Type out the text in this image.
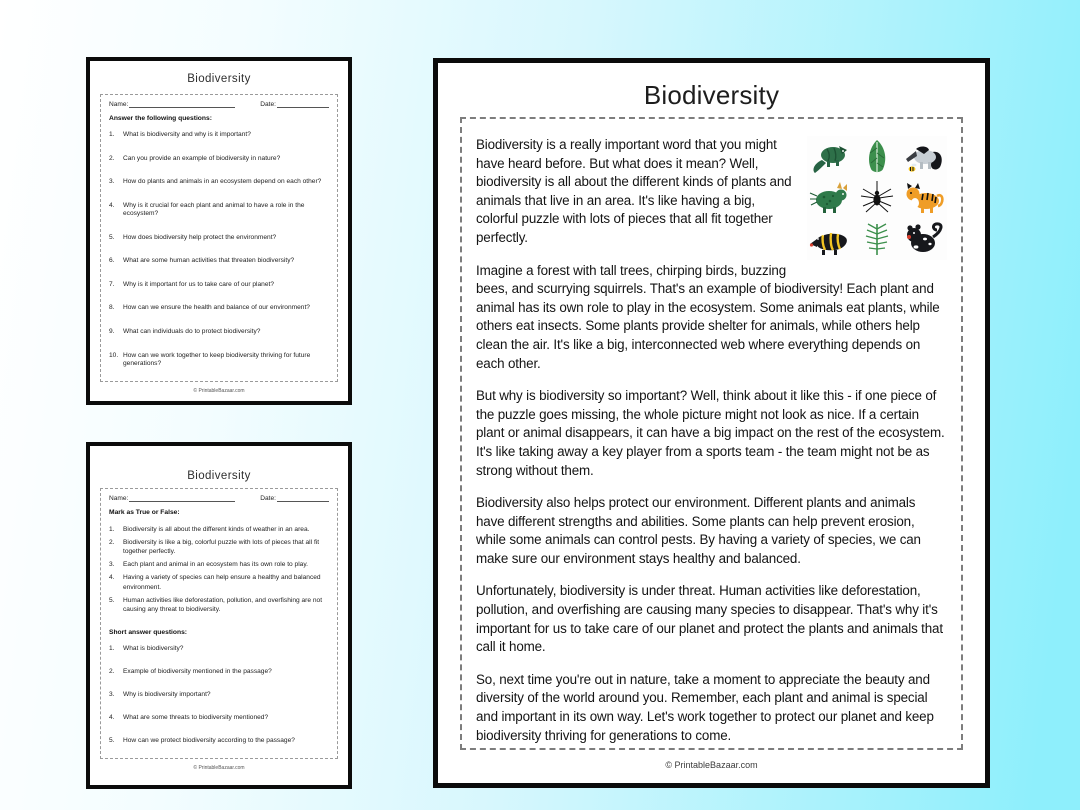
Biodiversity
Name:	Date:
Answer the following questions:
1.	What is biodiversity and why is it important?
2.	Can you provide an example of biodiversity in nature?
3.	How do plants and animals in an ecosystem depend on each other?
4.	Why is it crucial for each plant and animal to have a role in the ecosystem?
5.	How does biodiversity help protect the environment?
6.	What are some human activities that threaten biodiversity?
7.	Why is it important for us to take care of our planet?
8.	How can we ensure the health and balance of our environment?
9.	What can individuals do to protect biodiversity?
10. How can we work together to keep biodiversity thriving for future generations?
© PrintableBazaar.com
Biodiversity
Name:	Date:
Mark as True or False:
1.	Biodiversity is all about the different kinds of weather in an area.
2.	Biodiversity is like a big, colorful puzzle with lots of pieces that all fit together perfectly.
3.	Each plant and animal in an ecosystem has its own role to play.
4.	Having a variety of species can help ensure a healthy and balanced environment.
5.	Human activities like deforestation, pollution, and overfishing are not causing any threat to biodiversity.
Short answer questions:
1.	What is biodiversity?
2.	Example of biodiversity mentioned in the passage?
3.	Why is biodiversity important?
4.	What are some threats to biodiversity mentioned?
5.	How can we protect biodiversity according to the passage?
© PrintableBazaar.com
Biodiversity

Biodiversity is a really important word that you might have heard before. But what does it mean? Well, biodiversity is all about the different kinds of plants and animals that live in an area. It's like having a big, colorful puzzle with lots of pieces that all fit together perfectly.

Imagine a forest with tall trees, chirping birds, buzzing bees, and scurrying squirrels. That's an example of biodiversity! Each plant and animal has its own role to play in the ecosystem. Some animals eat plants, while others eat insects. Some plants provide shelter for animals, while others help clean the air. It's like a big, interconnected web where everything depends on each other.

But why is biodiversity so important? Well, think about it like this - if one piece of the puzzle goes missing, the whole picture might not look as nice. If a certain plant or animal disappears, it can have a big impact on the rest of the ecosystem. It's like taking away a key player from a sports team - the team might not be as strong without them.

Biodiversity also helps protect our environment. Different plants and animals have different strengths and abilities. Some plants can help prevent erosion, while some animals can control pests. By having a variety of species, we can make sure our environment stays healthy and balanced.

Unfortunately, biodiversity is under threat. Human activities like deforestation, pollution, and overfishing are causing many species to disappear. That's why it's important for us to take care of our planet and protect the plants and animals that call it home.

So, next time you're out in nature, take a moment to appreciate the beauty and diversity of the world around you. Remember, each plant and animal is special and important in its own way. Let's work together to protect our planet and keep biodiversity thriving for generations to come.

© PrintableBazaar.com
